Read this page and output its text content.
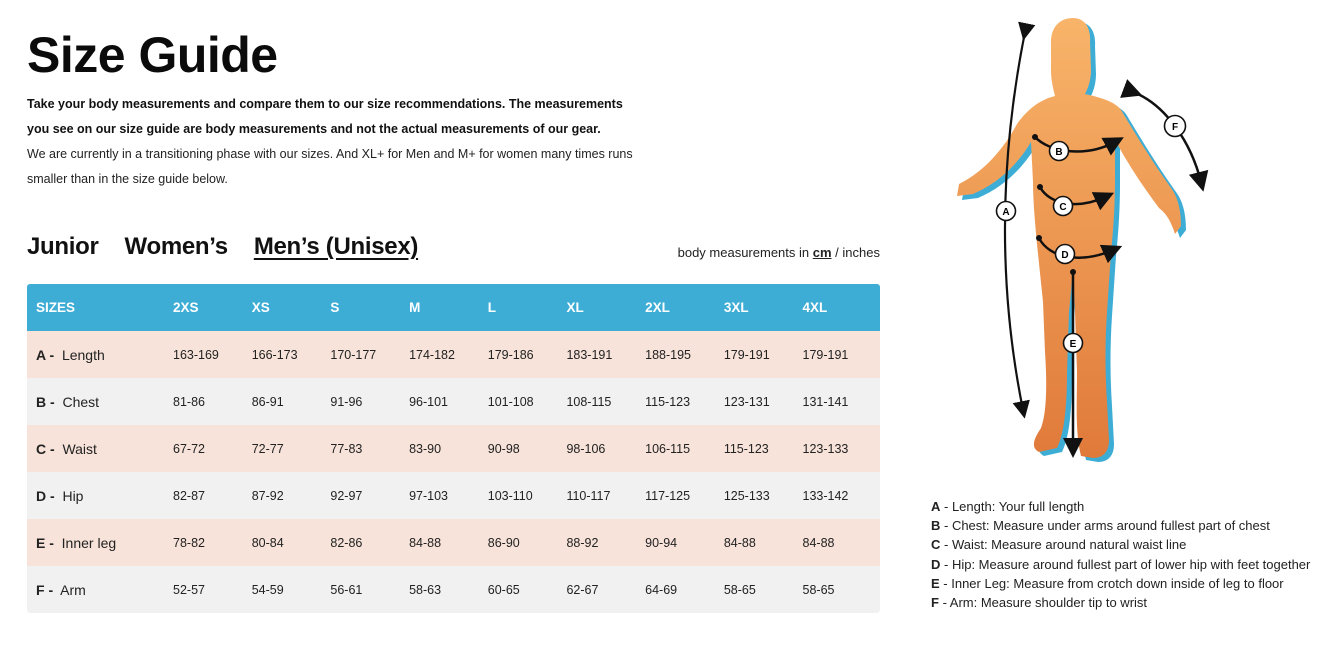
Size Guide
Take your body measurements and compare them to our size recommendations. The measurements you see on our size guide are body measurements and not the actual measurements of our gear.
We are currently in a transitioning phase with our sizes. And XL+ for Men and M+ for women many times runs smaller than in the size guide below.
Junior Women’s Men’s (Unisex)	body measurements in cm / inches
SIZES	2XS	XS	S	M	L	XL	2XL	3XL	4XL
A - Length	163-169	166-173	170-177	174-182	179-186	183-191	188-195	179-191	179-191
B - Chest	81-86	86-91	91-96	96-101	101-108	108-115	115-123	123-131	131-141
C - Waist	67-72	72-77	77-83	83-90	90-98	98-106	106-115	115-123	123-133
D - Hip	82-87	87-92	92-97	97-103	103-110	110-117	117-125	125-133	133-142
E - Inner leg	78-82	80-84	82-86	84-88	86-90	88-92	90-94	84-88	84-88
F - Arm	52-57	54-59	56-61	58-63	60-65	62-67	64-69	58-65	58-65
A
B
C
D
E
F
A - Length: Your full length
B - Chest: Measure under arms around fullest part of chest
C - Waist: Measure around natural waist line
D - Hip: Measure around fullest part of lower hip with feet together
E - Inner Leg: Measure from crotch down inside of leg to floor
F - Arm: Measure shoulder tip to wrist
